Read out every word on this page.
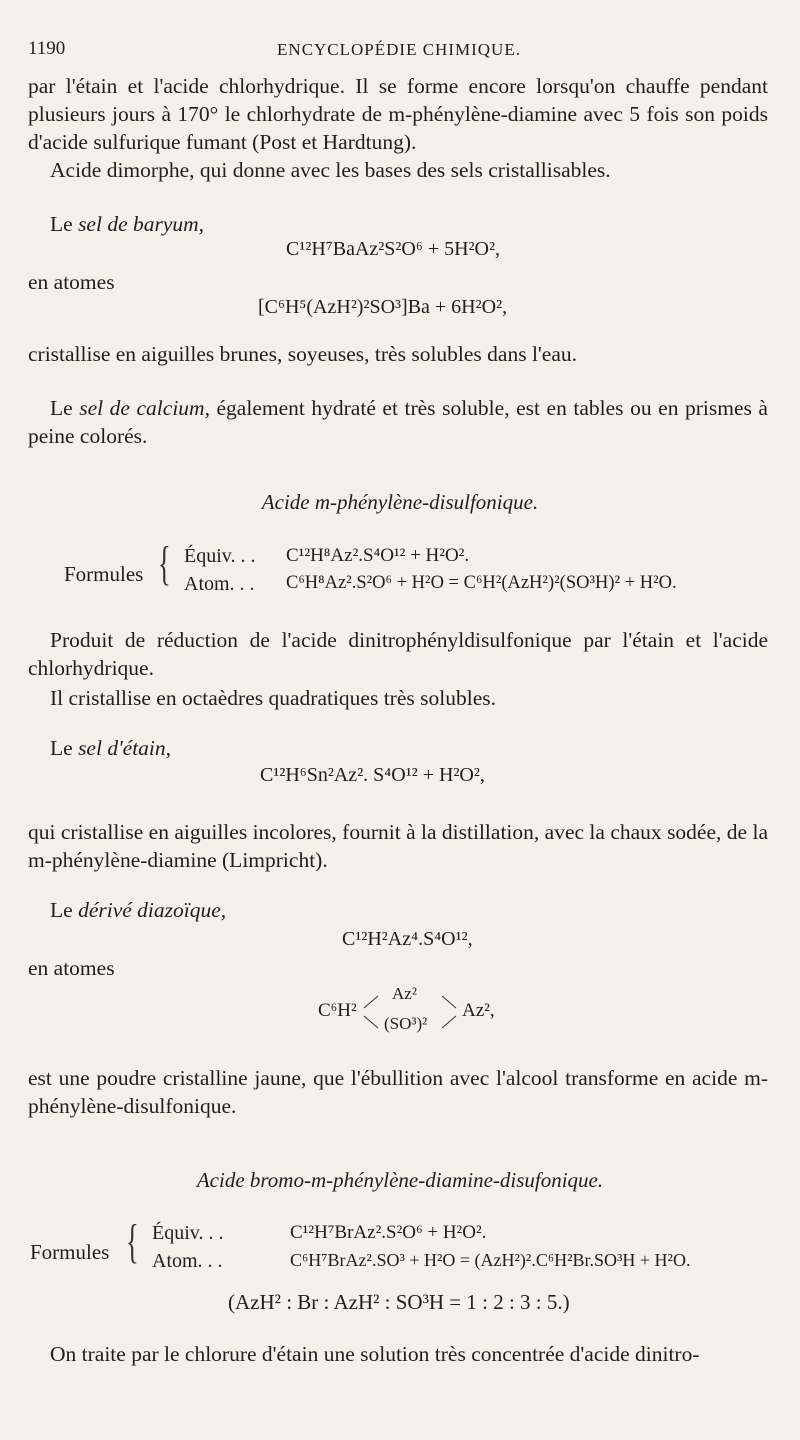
1190	ENCYCLOPÉDIE CHIMIQUE.
par l'étain et l'acide chlorhydrique. Il se forme encore lorsqu'on chauffe pendant plusieurs jours à 170° le chlorhydrate de m-phénylène-diamine avec 5 fois son poids d'acide sulfurique fumant (Post et Hardtung).
Acide dimorphe, qui donne avec les bases des sels cristallisables.
Le sel de baryum,
C¹²H⁷BaAz²S²O⁶ + 5H²O²,
en atomes
[C⁶H⁵(AzH²)²SO³]Ba + 6H²O²,
cristallise en aiguilles brunes, soyeuses, très solubles dans l'eau.
Le sel de calcium, également hydraté et très soluble, est en tables ou en prismes à peine colorés.
Acide m-phénylène-disulfonique.
Formules { Équiv. . . C¹²H⁸Az².S⁴O¹² + H²O².
Atom. . . C⁶H⁸Az².S²O⁶ + H²O = C⁶H²(AzH²)²(SO³H)² + H²O.
Produit de réduction de l'acide dinitrophényldisulfonique par l'étain et l'acide chlorhydrique.
Il cristallise en octaèdres quadratiques très solubles.
Le sel d'étain,
C¹²H⁶Sn²Az². S⁴O¹² + H²O²,
qui cristallise en aiguilles incolores, fournit à la distillation, avec la chaux sodée, de la m-phénylène-diamine (Limpricht).
Le dérivé diazoïque,
C¹²H²Az⁴.S⁴O¹²,
en atomes
C⁶H²
Az²
(SO³)²
Az²,
est une poudre cristalline jaune, que l'ébullition avec l'alcool transforme en acide m-phénylène-disulfonique.
Acide bromo-m-phénylène-diamine-disufonique.
Formules { Équiv. . .	C¹²H⁷BrAz².S²O⁶ + H²O².
Atom. . .	C⁶H⁷BrAz².SO³ + H²O = (AzH²)².C⁶H²Br.SO³H + H²O.
(AzH² : Br : AzH² : SO³H = 1 : 2 : 3 : 5.)
On traite par le chlorure d'étain une solution très concentrée d'acide dinitro-
